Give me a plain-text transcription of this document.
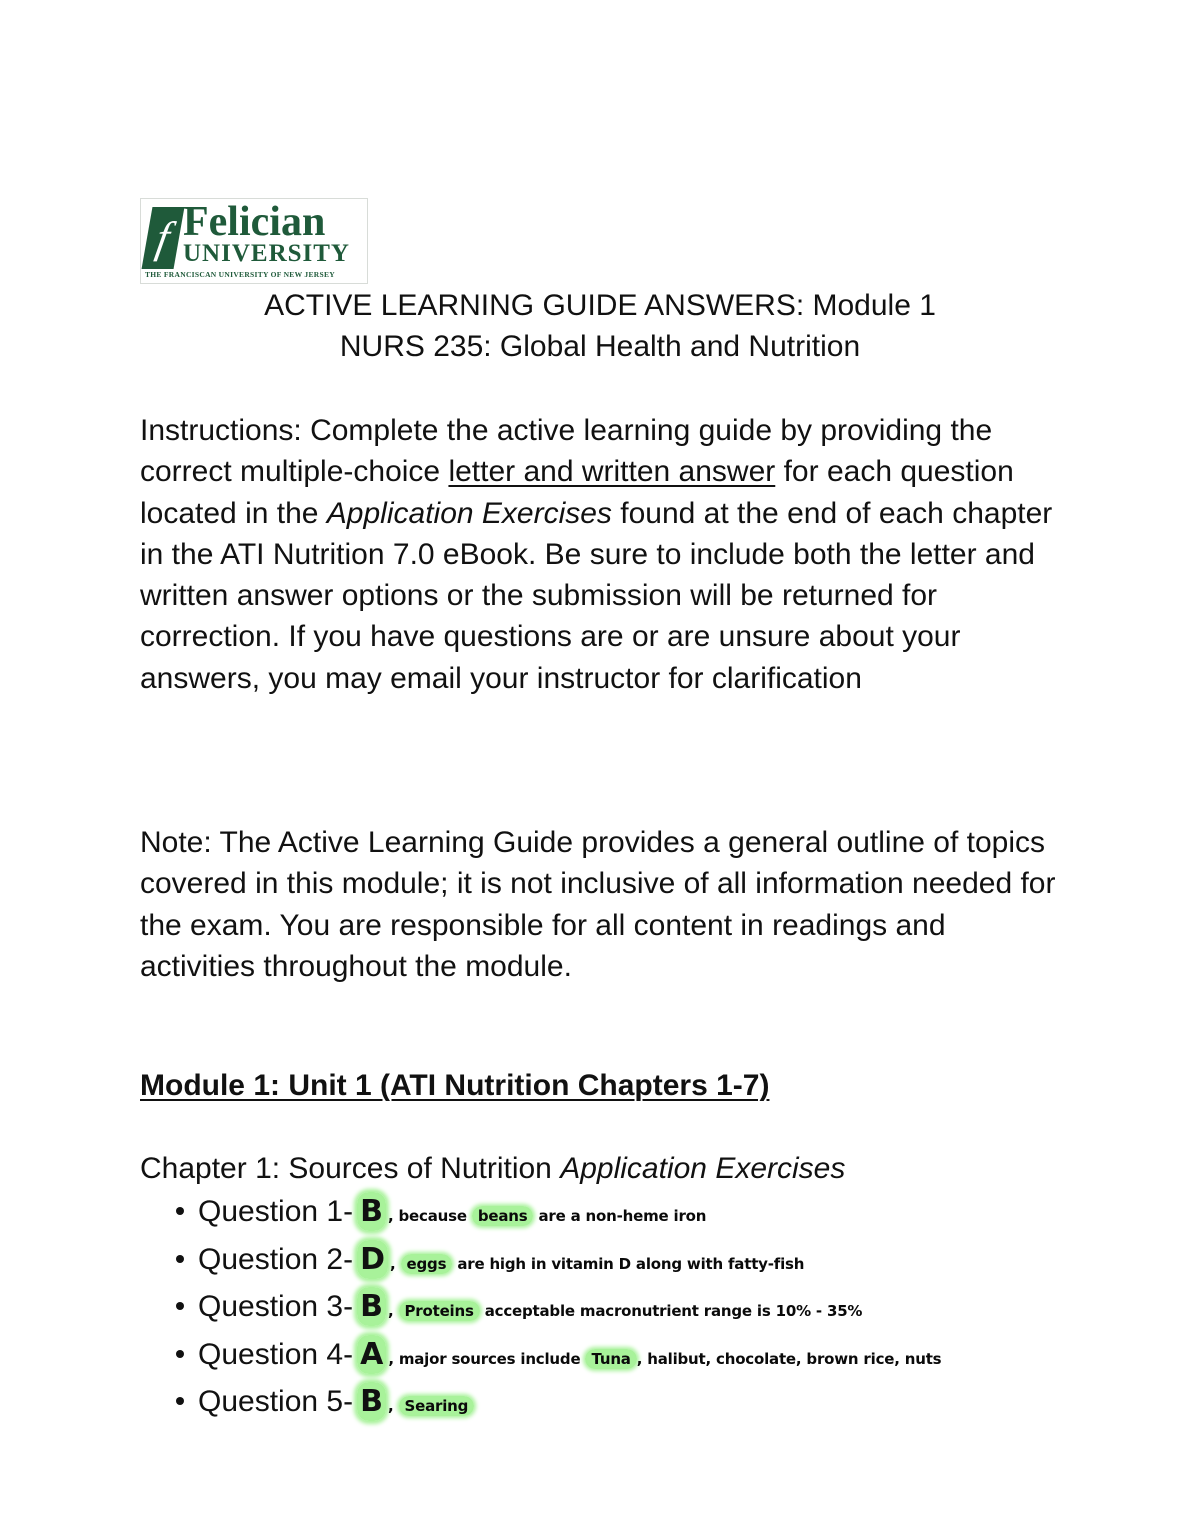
f Felician
UNIVERSITY
THE FRANCISCAN UNIVERSITY OF NEW JERSEY
ACTIVE LEARNING GUIDE ANSWERS: Module 1
NURS 235: Global Health and Nutrition

Instructions: Complete the active learning guide by providing the correct multiple-choice letter and written answer for each question located in the Application Exercises found at the end of each chapter in the ATI Nutrition 7.0 eBook. Be sure to include both the letter and written answer options or the submission will be returned for correction. If you have questions are or are unsure about your answers, you may email your instructor for clarification

Note: The Active Learning Guide provides a general outline of topics covered in this module; it is not inclusive of all information needed for the exam. You are responsible for all content in readings and activities throughout the module.

Module 1: Unit 1 (ATI Nutrition Chapters 1-7)
Chapter 1: Sources of Nutrition Application Exercises
Question 1- B , because beans are a non-heme iron
Question 2- D , eggs are high in vitamin D along with fatty-fish
Question 3- B , Proteins acceptable macronutrient range is 10% - 35%
Question 4- A , major sources include Tuna , halibut, chocolate, brown rice, nuts
Question 5- B , Searing
